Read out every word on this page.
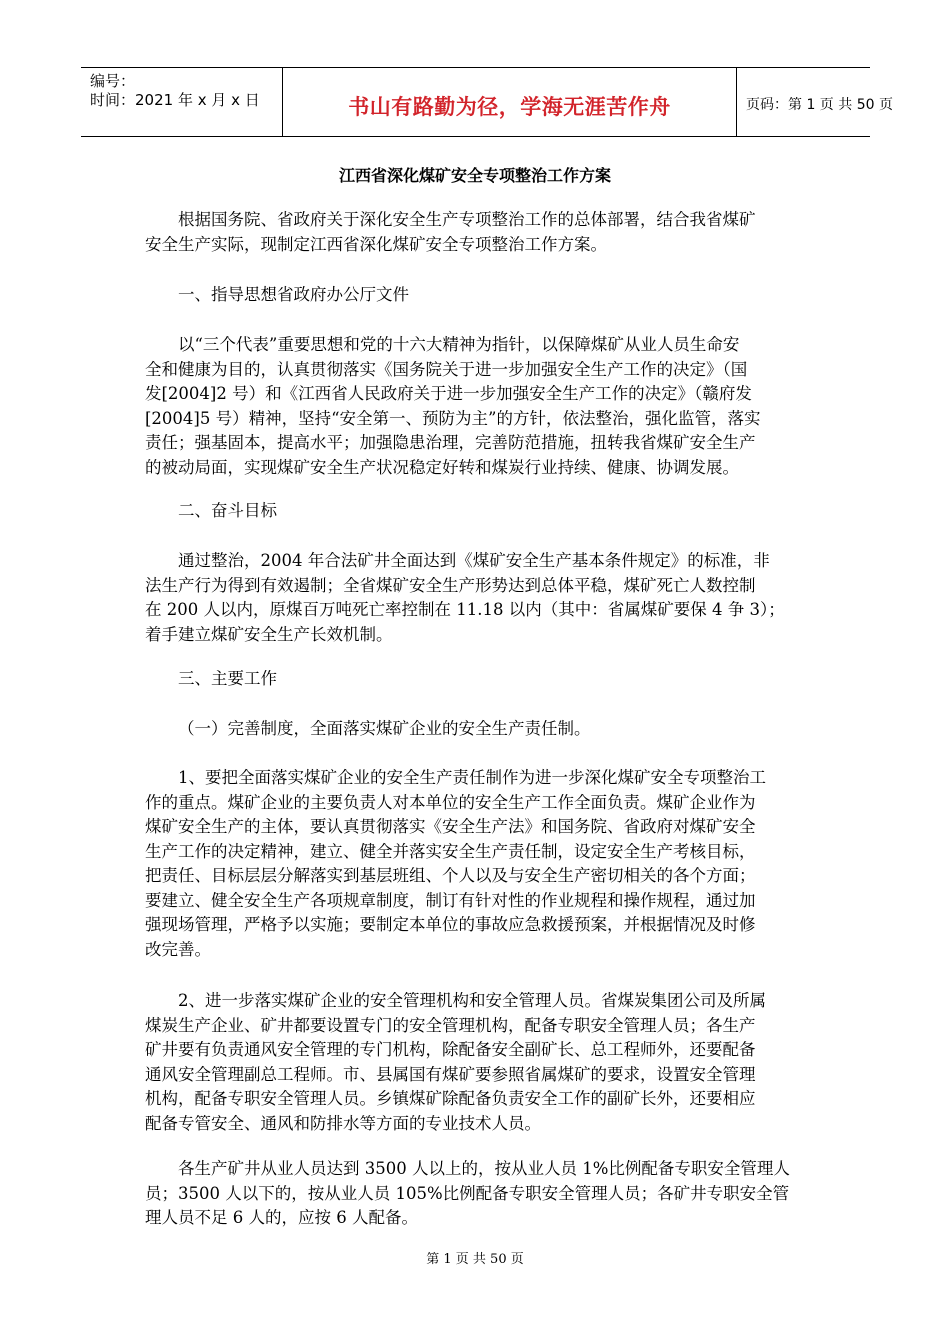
编号：
时间：2021 年 x 月 x 日	书山有路勤为径，学海无涯苦作舟	页码：第 1 页 共 50 页
江西省深化煤矿安全专项整治工作方案
根据国务院、省政府关于深化安全生产专项整治工作的总体部署，结合我省煤矿
安全生产实际，现制定江西省深化煤矿安全专项整治工作方案。
一、指导思想省政府办公厅文件
以“三个代表”重要思想和党的十六大精神为指针，以保障煤矿从业人员生命安
全和健康为目的，认真贯彻落实《国务院关于进一步加强安全生产工作的决定》（国
发[2004]2 号）和《江西省人民政府关于进一步加强安全生产工作的决定》（赣府发
[2004]5 号）精神，坚持“安全第一、预防为主”的方针，依法整治，强化监管，落实
责任；强基固本，提高水平；加强隐患治理，完善防范措施，扭转我省煤矿安全生产
的被动局面，实现煤矿安全生产状况稳定好转和煤炭行业持续、健康、协调发展。
二、奋斗目标
通过整治，2004 年合法矿井全面达到《煤矿安全生产基本条件规定》的标准，非
法生产行为得到有效遏制；全省煤矿安全生产形势达到总体平稳，煤矿死亡人数控制
在 200 人以内，原煤百万吨死亡率控制在 11.18 以内（其中：省属煤矿要保 4 争 3）；
着手建立煤矿安全生产长效机制。
三、主要工作
（一）完善制度，全面落实煤矿企业的安全生产责任制。
1、要把全面落实煤矿企业的安全生产责任制作为进一步深化煤矿安全专项整治工
作的重点。煤矿企业的主要负责人对本单位的安全生产工作全面负责。煤矿企业作为
煤矿安全生产的主体，要认真贯彻落实《安全生产法》和国务院、省政府对煤矿安全
生产工作的决定精神，建立、健全并落实安全生产责任制，设定安全生产考核目标，
把责任、目标层层分解落实到基层班组、个人以及与安全生产密切相关的各个方面；
要建立、健全安全生产各项规章制度，制订有针对性的作业规程和操作规程，通过加
强现场管理，严格予以实施；要制定本单位的事故应急救援预案，并根据情况及时修
改完善。
2、进一步落实煤矿企业的安全管理机构和安全管理人员。省煤炭集团公司及所属
煤炭生产企业、矿井都要设置专门的安全管理机构，配备专职安全管理人员；各生产
矿井要有负责通风安全管理的专门机构，除配备安全副矿长、总工程师外，还要配备
通风安全管理副总工程师。市、县属国有煤矿要参照省属煤矿的要求，设置安全管理
机构，配备专职安全管理人员。乡镇煤矿除配备负责安全工作的副矿长外，还要相应
配备专管安全、通风和防排水等方面的专业技术人员。
各生产矿井从业人员达到 3500 人以上的，按从业人员 1%比例配备专职安全管理人
员；3500 人以下的，按从业人员 105%比例配备专职安全管理人员；各矿井专职安全管
理人员不足 6 人的，应按 6 人配备。
第 1 页 共 50 页
